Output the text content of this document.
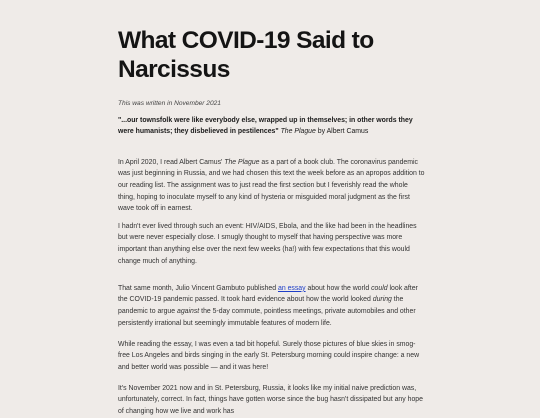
What COVID-19 Said to
Narcissus
This was written in November 2021
"...our townsfolk were like everybody else, wrapped up in themselves; in other words they were humanists; they disbelieved in pestilences" The Plague by Albert Camus

In April 2020, I read Albert Camus' The Plague as a part of a book club. The coronavirus pandemic was just beginning in Russia, and we had chosen this text the week before as an apropos addition to our reading list. The assignment was to just read the first section but I feverishly read the whole thing, hoping to inoculate myself to any kind of hysteria or misguided moral judgment as the first wave took off in earnest.

I hadn't ever lived through such an event: HIV/AIDS, Ebola, and the like had been in the headlines but were never especially close. I smugly thought to myself that having perspective was more important than anything else over the next few weeks (ha!) with few expectations that this would change much of anything.

That same month, Julio Vincent Gambuto published an essay about how the world could look after the COVID-19 pandemic passed. It took hard evidence about how the world looked during the pandemic to argue against the 5-day commute, pointless meetings, private automobiles and other persistently irrational but seemingly immutable features of modern life.

While reading the essay, I was even a tad bit hopeful. Surely those pictures of blue skies in smog-free Los Angeles and birds singing in the early St. Petersburg morning could inspire change: a new and better world was possible — and it was here!

It's November 2021 now and in St. Petersburg, Russia, it looks like my initial naive prediction was, unfortunately, correct. In fact, things have gotten worse since the bug hasn't dissipated but any hope of changing how we live and work has
